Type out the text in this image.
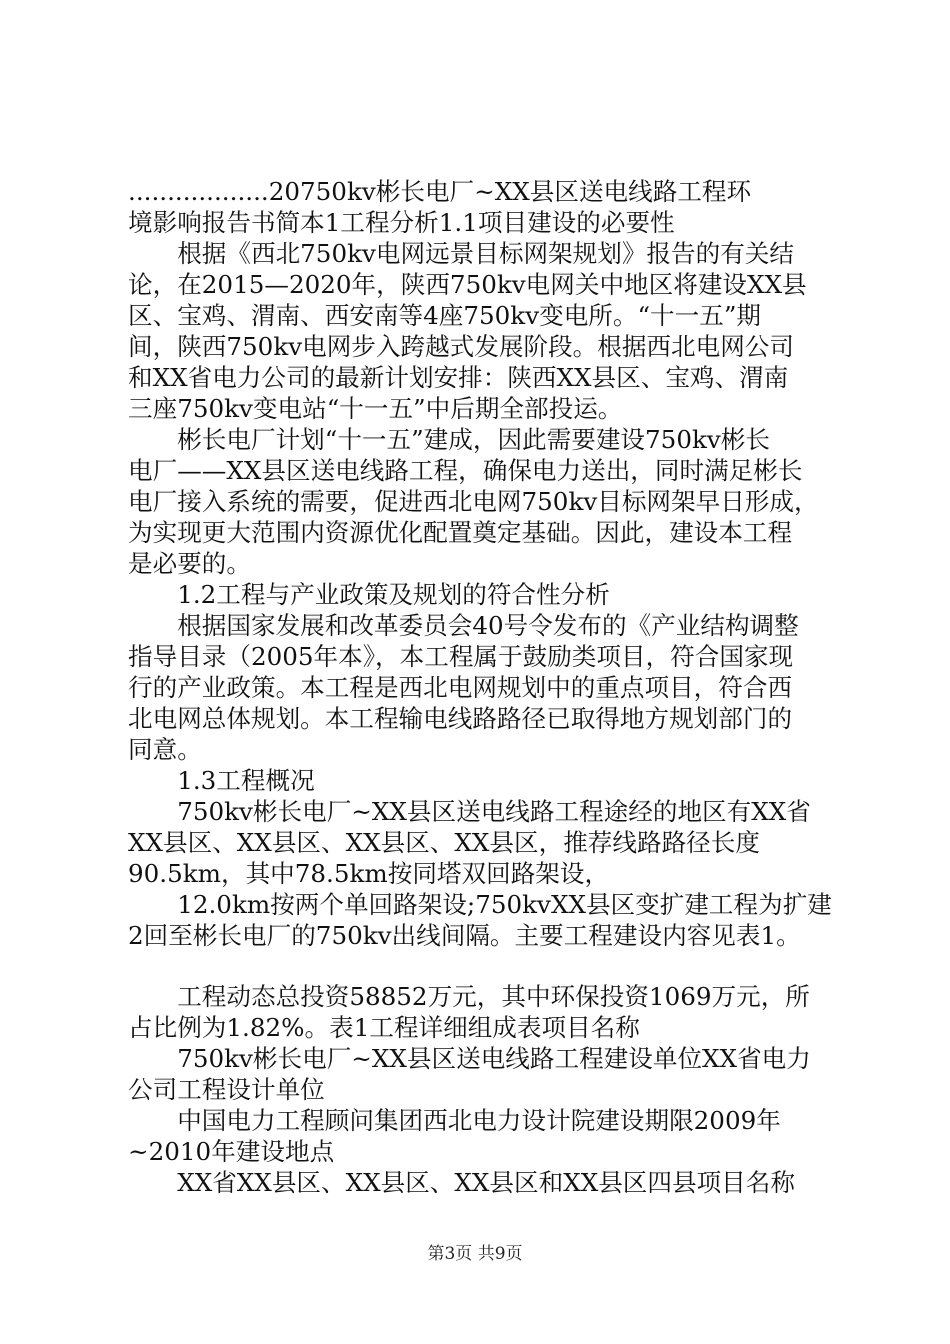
..................20750kv彬长电厂~XX县区送电线路工程环
境影响报告书简本1工程分析1.1项目建设的必要性
　　根据《西北750kv电网远景目标网架规划》报告的有关结
论，在2015—2020年，陕西750kv电网关中地区将建设XX县
区、宝鸡、渭南、西安南等4座750kv变电所。“十一五”期
间，陕西750kv电网步入跨越式发展阶段。根据西北电网公司
和XX省电力公司的最新计划安排：陕西XX县区、宝鸡、渭南
三座750kv变电站“十一五”中后期全部投运。
　　彬长电厂计划“十一五”建成，因此需要建设750kv彬长
电厂——XX县区送电线路工程，确保电力送出，同时满足彬长
电厂接入系统的需要，促进西北电网750kv目标网架早日形成，
为实现更大范围内资源优化配置奠定基础。因此，建设本工程
是必要的。
　　1.2工程与产业政策及规划的符合性分析
　　根据国家发展和改革委员会40号令发布的《产业结构调整
指导目录（2005年本》，本工程属于鼓励类项目，符合国家现
行的产业政策。本工程是西北电网规划中的重点项目，符合西
北电网总体规划。本工程输电线路路径已取得地方规划部门的
同意。
　　1.3工程概况
　　750kv彬长电厂~XX县区送电线路工程途经的地区有XX省
XX县区、XX县区、XX县区、XX县区，推荐线路路径长度
90.5km，其中78.5km按同塔双回路架设，
　　12.0km按两个单回路架设;750kvXX县区变扩建工程为扩建
2回至彬长电厂的750kv出线间隔。主要工程建设内容见表1。
　　工程动态总投资58852万元，其中环保投资1069万元，所
占比例为1.82%。表1工程详细组成表项目名称
　　750kv彬长电厂~XX县区送电线路工程建设单位XX省电力
公司工程设计单位
　　中国电力工程顾问集团西北电力设计院建设期限2009年
~2010年建设地点
　　XX省XX县区、XX县区、XX县区和XX县区四县项目名称
第3页 共9页
